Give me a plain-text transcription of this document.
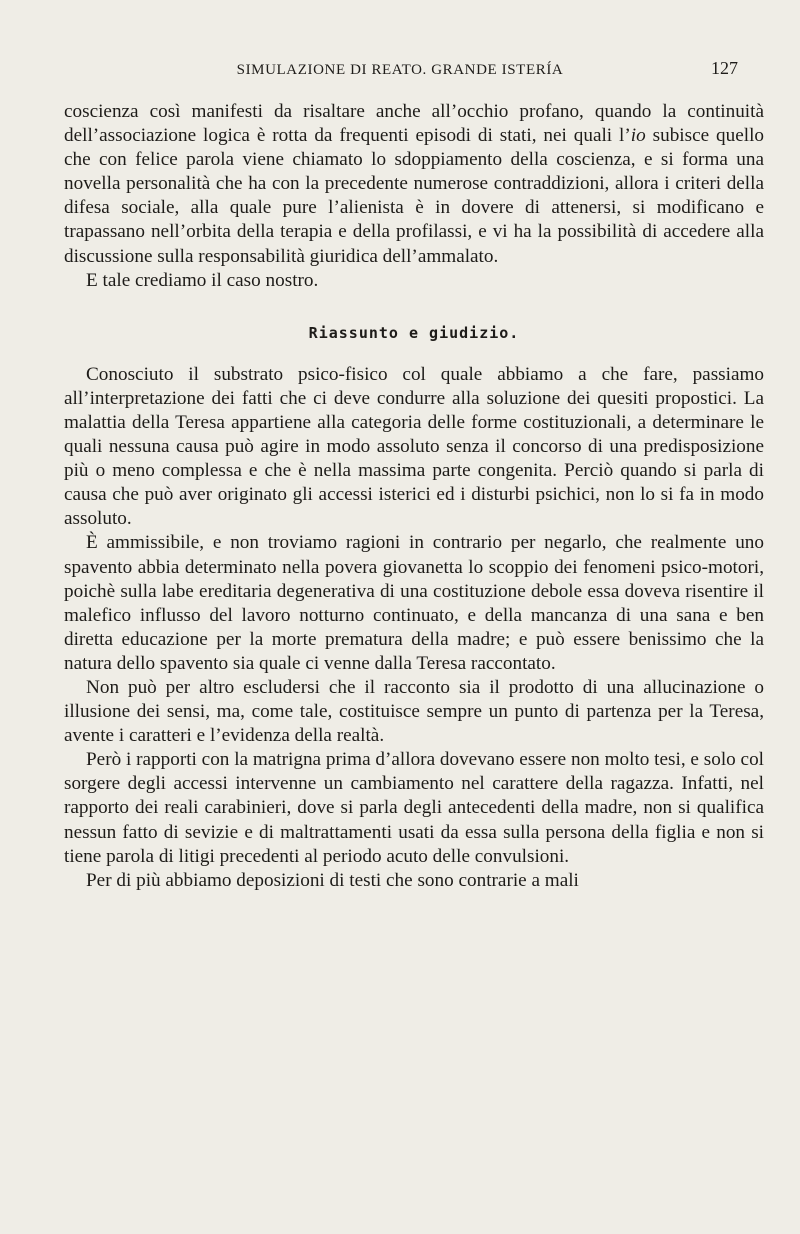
SIMULAZIONE DI REATO. GRANDE ISTERÍA	127

coscienza così manifesti da risaltare anche all’occhio profano, quando la continuità dell’associazione logica è rotta da frequenti episodi di stati, nei quali l’io subisce quello che con felice parola viene chiamato lo sdoppiamento della coscienza, e si forma una novella personalità che ha con la precedente numerose contraddizioni, allora i criteri della difesa sociale, alla quale pure l’alienista è in dovere di attenersi, si modificano e trapassano nell’orbita della terapia e della profilassi, e vi ha la possibilità di accedere alla discussione sulla responsabilità giuridica dell’ammalato.

E tale crediamo il caso nostro.

Riassunto e giudizio.

Conosciuto il substrato psico-fisico col quale abbiamo a che fare, passiamo all’interpretazione dei fatti che ci deve condurre alla soluzione dei quesiti propostici. La malattia della Teresa appartiene alla categoria delle forme costituzionali, a determinare le quali nessuna causa può agire in modo assoluto senza il concorso di una predisposizione più o meno complessa e che è nella massima parte congenita. Perciò quando si parla di causa che può aver originato gli accessi isterici ed i disturbi psichici, non lo si fa in modo assoluto.

È ammissibile, e non troviamo ragioni in contrario per negarlo, che realmente uno spavento abbia determinato nella povera giovanetta lo scoppio dei fenomeni psico-motori, poichè sulla labe ereditaria degenerativa di una costituzione debole essa doveva risentire il malefico influsso del lavoro notturno continuato, e della mancanza di una sana e ben diretta educazione per la morte prematura della madre; e può essere benissimo che la natura dello spavento sia quale ci venne dalla Teresa raccontato.

Non può per altro escludersi che il racconto sia il prodotto di una allucinazione o illusione dei sensi, ma, come tale, costituisce sempre un punto di partenza per la Teresa, avente i caratteri e l’evidenza della realtà.

Però i rapporti con la matrigna prima d’allora dovevano essere non molto tesi, e solo col sorgere degli accessi intervenne un cambiamento nel carattere della ragazza. Infatti, nel rapporto dei reali carabinieri, dove si parla degli antecedenti della madre, non si qualifica nessun fatto di sevizie e di maltrattamenti usati da essa sulla persona della figlia e non si tiene parola di litigi precedenti al periodo acuto delle convulsioni.

Per di più abbiamo deposizioni di testi che sono contrarie a mali
